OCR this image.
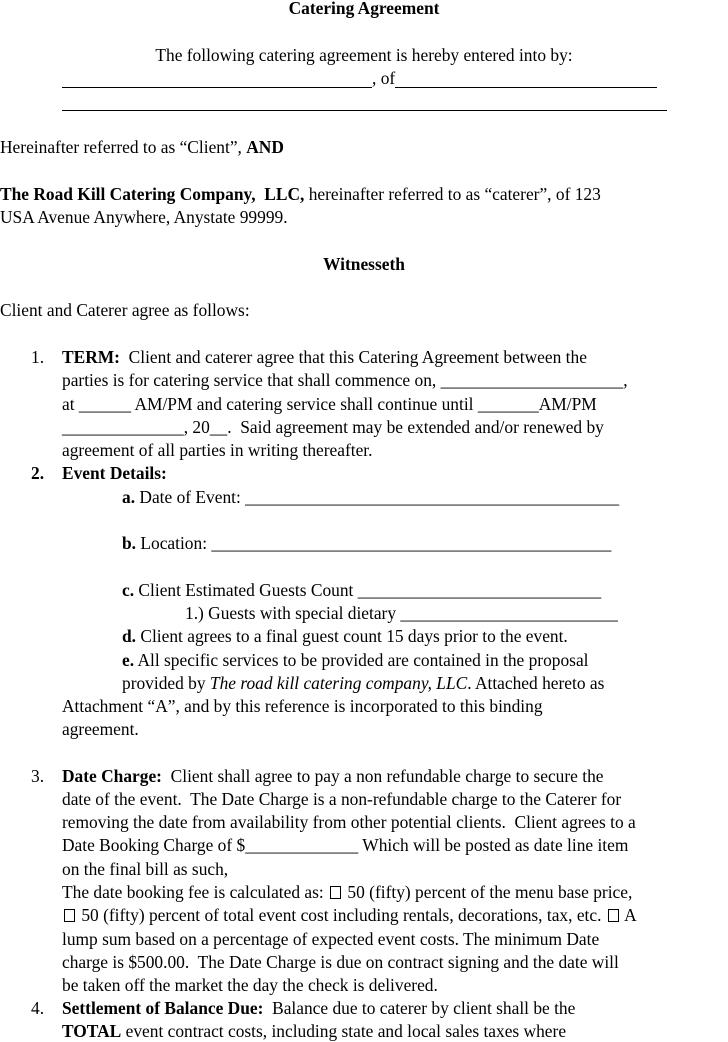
Catering Agreement
The following catering agreement is hereby entered into by:
, of
Hereinafter referred to as “Client”, AND
The Road Kill Catering Company,  LLC, hereinafter referred to as “caterer”, of 123
USA Avenue Anywhere, Anystate 99999.
Witnesseth
Client and Caterer agree as follows:
1. TERM:  Client and caterer agree that this Catering Agreement between the
parties is for catering service that shall commence on, _____________________,
at ______ AM/PM and catering service shall continue until _______AM/PM
______________, 20__.  Said agreement may be extended and/or renewed by
agreement of all parties in writing thereafter.
2. Event Details:
a. Date of Event: ___________________________________________
b. Location: ______________________________________________
c. Client Estimated Guests Count ____________________________
1.) Guests with special dietary _________________________
d. Client agrees to a final guest count 15 days prior to the event.
e. All specific services to be provided are contained in the proposal
provided by The road kill catering company, LLC. Attached hereto as
Attachment “A”, and by this reference is incorporated to this binding
agreement.
3. Date Charge:  Client shall agree to pay a non refundable charge to secure the
date of the event.  The Date Charge is a non-refundable charge to the Caterer for
removing the date from availability from other potential clients.  Client agrees to a
Date Booking Charge of $_____________ Which will be posted as date line item
on the final bill as such,
The date booking fee is calculated as:  50 (fifty) percent of the menu base price,
50 (fifty) percent of total event cost including rentals, decorations, tax, etc.  A
lump sum based on a percentage of expected event costs. The minimum Date
charge is $500.00.  The Date Charge is due on contract signing and the date will
be taken off the market the day the check is delivered.
4. Settlement of Balance Due:  Balance due to caterer by client shall be the
TOTAL event contract costs, including state and local sales taxes where
